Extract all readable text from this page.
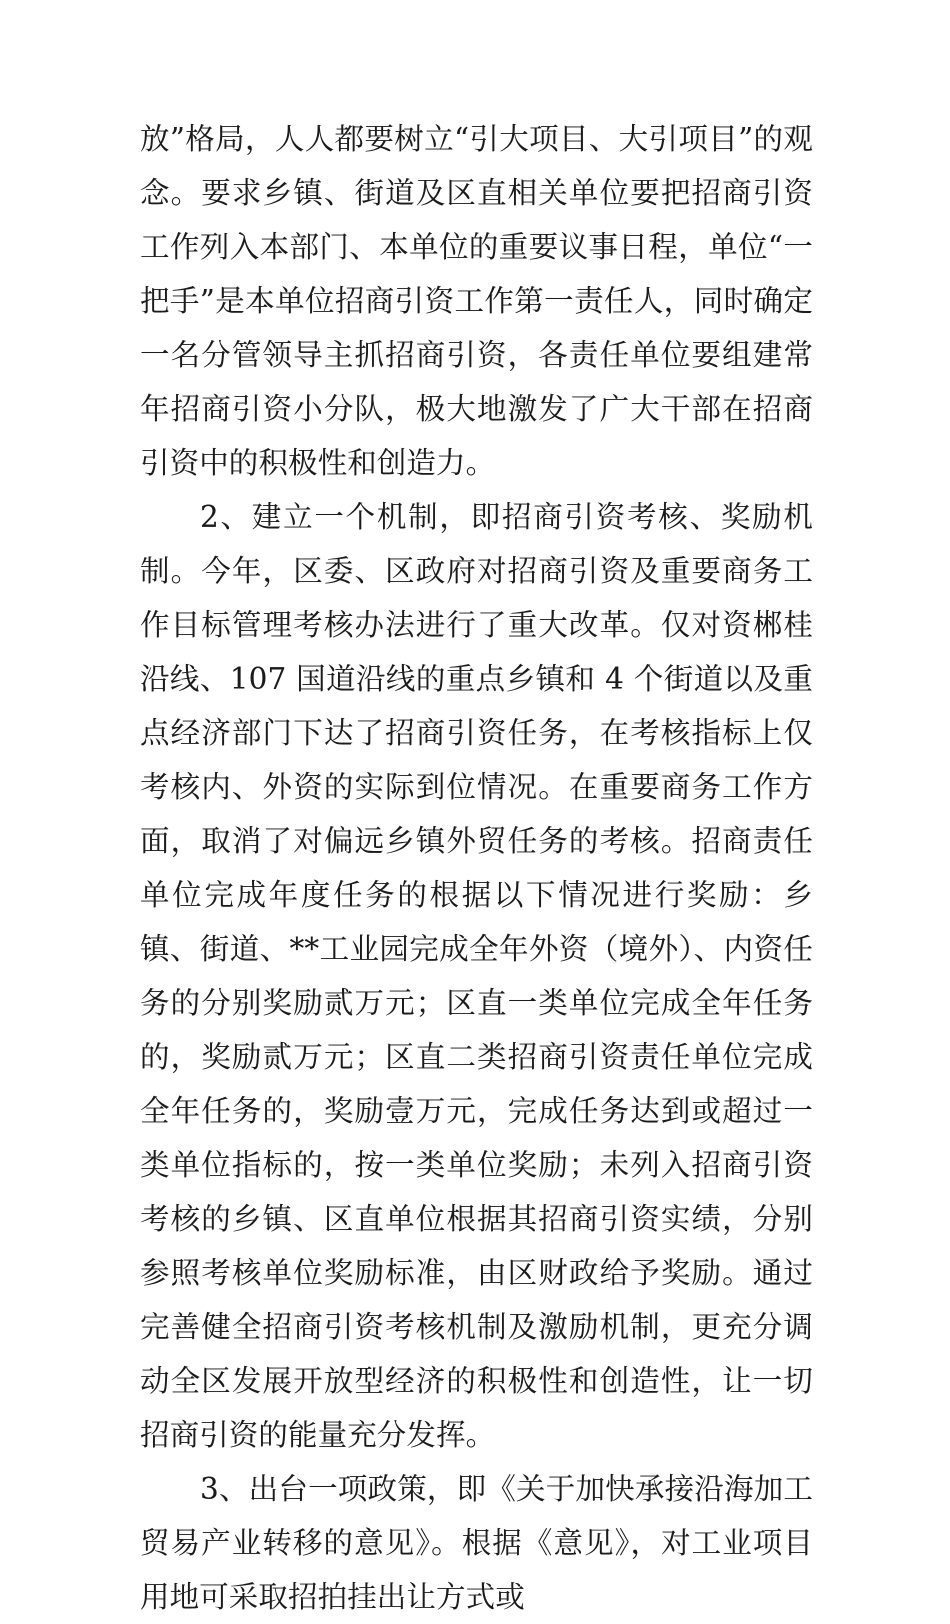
放”格局，人人都要树立“引大项目、大引项目”的观念。要求乡镇、街道及区直相关单位要把招商引资工作列入本部门、本单位的重要议事日程，单位“一把手”是本单位招商引资工作第一责任人，同时确定一名分管领导主抓招商引资，各责任单位要组建常年招商引资小分队，极大地激发了广大干部在招商引资中的积极性和创造力。

2、建立一个机制，即招商引资考核、奖励机制。今年，区委、区政府对招商引资及重要商务工作目标管理考核办法进行了重大改革。仅对资郴桂沿线、107 国道沿线的重点乡镇和 4 个街道以及重点经济部门下达了招商引资任务，在考核指标上仅考核内、外资的实际到位情况。在重要商务工作方面，取消了对偏远乡镇外贸任务的考核。招商责任单位完成年度任务的根据以下情况进行奖励：乡镇、街道、**工业园完成全年外资（境外）、内资任务的分别奖励贰万元；区直一类单位完成全年任务的，奖励贰万元；区直二类招商引资责任单位完成全年任务的，奖励壹万元，完成任务达到或超过一类单位指标的，按一类单位奖励；未列入招商引资考核的乡镇、区直单位根据其招商引资实绩，分别参照考核单位奖励标准，由区财政给予奖励。通过完善健全招商引资考核机制及激励机制，更充分调动全区发展开放型经济的积极性和创造性，让一切招商引资的能量充分发挥。

3、出台一项政策，即《关于加快承接沿海加工贸易产业转移的意见》。根据《意见》，对工业项目用地可采取招拍挂出让方式或
